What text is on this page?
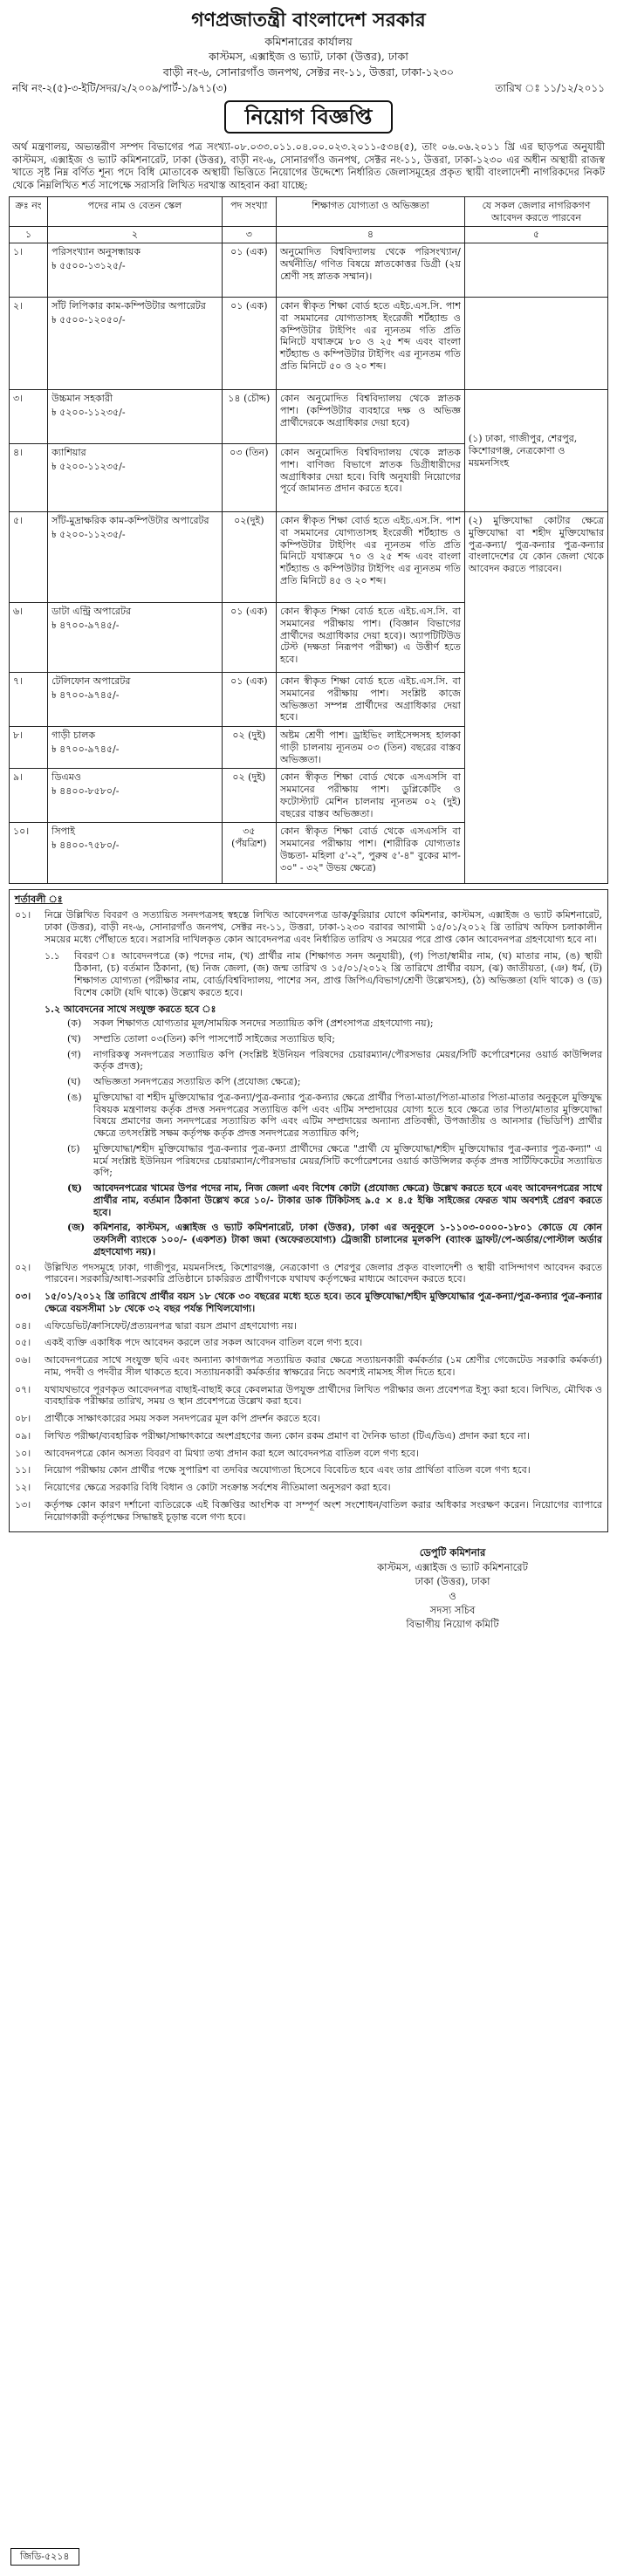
গণপ্রজাতন্ত্রী বাংলাদেশ সরকার
কমিশনারের কার্যালয়
কাস্টমস, এক্সাইজ ও ভ্যাট, ঢাকা (উত্তর), ঢাকা
বাড়ী নং-৬, সোনারগাঁও জনপথ, সেক্টর নং-১১, উত্তরা, ঢাকা-১২৩০
নথি নং-২(৫)-৩-ইটি/সদর/২/২০০৯/পার্ট-১/৯৭১(৩)	তারিখ ঃ ১১/১২/২০১১
নিয়োগ বিজ্ঞপ্তি
অর্থ মন্ত্রণালয়, অভ্যন্তরীণ সম্পদ বিভাগের পত্র সংখ্যা-০৮.০৩৩.০১১.০৪.০০.০২৩.২০১১-৫৩৪(৫), তাং ০৬.০৬.২০১১ খ্রি এর ছাড়পত্র অনুযায়ী কাস্টমস, এক্সাইজ ও ভ্যাট কমিশনারেট, ঢাকা (উত্তর), বাড়ী নং-৬, সোনারগাঁও জনপথ, সেক্টর নং-১১, উত্তরা, ঢাকা-১২৩০ এর অধীন অস্থায়ী রাজস্ব খাতে সৃষ্ট নিম্ন বর্ণিত শূন্য পদে বিধি মোতাবেক অস্থায়ী ভিত্তিতে নিয়োগের উদ্দেশ্যে নির্ধারিত জেলাসমূহের প্রকৃত স্থায়ী বাংলাদেশী নাগরিকদের নিকট থেকে নিম্নলিখিত শর্ত সাপেক্ষে সরাসরি লিখিত দরখাস্ত আহবান করা যাচ্ছে:
ক্রঃ নং	পদের নাম ও বেতন স্কেল	পদ সংখ্যা	শিক্ষাগত যোগ্যতা ও অভিজ্ঞতা	যে সকল জেলার নাগরিকগণ আবেদন করতে পারবেন
১	২	৩	৪	৫
১।	পরিসংখ্যান অনুসন্ধায়ক
৳ ৫৫০০-১৩১২৫/-	০১ (এক)	অনুমোদিত বিশ্ববিদ্যালয় থেকে পরিসংখ্যান/ অর্থনীতি/ গণিত বিষয়ে স্নাতকোত্তর ডিগ্রী (২য় শ্রেণী সহ স্নাতক সম্মান)।	
২।	সাঁট লিপিকার কাম-কম্পিউটার অপারেটর
৳ ৫৫০০-১২০৫০/-	০১ (এক)	কোন স্বীকৃত শিক্ষা বোর্ড হতে এইচ.এস.সি. পাশ বা সমমানের যোগ্যতাসহ ইংরেজী শর্টহ্যান্ড ও কম্পিউটার টাইপিং এর ন্যূনতম গতি প্রতি মিনিটে যথাক্রমে ৮০ ও ২৫ শব্দ এবং বাংলা শর্টহ্যান্ড ও কম্পিউটার টাইপিং এর ন্যূনতম গতি প্রতি মিনিটে ৫০ ও ২০ শব্দ।	
৩।	উচ্চমান সহকারী
৳ ৫২০০-১১২৩৫/-	১৪ (চৌদ্দ)	কোন অনুমোদিত বিশ্ববিদ্যালয় থেকে স্নাতক পাশ। (কম্পিউটার ব্যবহারে দক্ষ ও অভিজ্ঞ প্রার্থীদেরকে অগ্রাধিকার দেয়া হবে)	(১) ঢাকা, গাজীপুর, শেরপুর, কিশোরগঞ্জ, নেত্রকোণা ও ময়মনসিংহ
৪।	ক্যাশিয়ার
৳ ৫২০০-১১২৩৫/-	০৩ (তিন)	কোন অনুমোদিত বিশ্ববিদ্যালয় থেকে স্নাতক পাশ। বাণিজ্য বিভাগে স্নাতক ডিগ্রীধারীদের অগ্রাধিকার দেয়া হবে। বিধি অনুযায়ী নিয়োগের পূর্বে জামানত প্রদান করতে হবে।	
৫।	সাঁট-মুদ্রাক্ষরিক কাম-কম্পিউটার অপারেটর
৳ ৫২০০-১১২৩৫/-	০২(দুই)	কোন স্বীকৃত শিক্ষা বোর্ড হতে এইচ.এস.সি. পাশ বা সমমানের যোগ্যতাসহ ইংরেজী শর্টহ্যান্ড ও কম্পিউটার টাইপিং এর ন্যূনতম গতি প্রতি মিনিটে যথাক্রমে ৭০ ও ২৫ শব্দ এবং বাংলা শর্টহ্যান্ড ও কম্পিউটার টাইপিং এর ন্যূনতম গতি প্রতি মিনিটে ৪৫ ও ২০ শব্দ।	(২) মুক্তিযোদ্ধা কোটার ক্ষেত্রে মুক্তিযোদ্ধা বা শহীদ মুক্তিযোদ্ধার পুত্র-কন্যা/ পুত্র-কন্যার পুত্র-কন্যার বাংলাদেশের যে কোন জেলা থেকে আবেদন করতে পারবেন।
৬।	ডাটা এন্ট্রি অপারেটর
৳ ৪৭০০-৯৭৪৫/-	০১ (এক)	কোন স্বীকৃত শিক্ষা বোর্ড হতে এইচ.এস.সি. বা সমমানের পরীক্ষায় পাশ। (বিজ্ঞান বিভাগের প্রার্থীদের অগ্রাধিকার দেয়া হবে)। অ্যাপটিটিউড টেস্ট (দক্ষতা নিরূপণ পরীক্ষা) এ উত্তীর্ণ হতে হবে।	
৭।	টেলিফোন অপারেটর
৳ ৪৭০০-৯৭৪৫/-	০১ (এক)	কোন স্বীকৃত শিক্ষা বোর্ড হতে এইচ.এস.সি. বা সমমানের পরীক্ষায় পাশ। সংশ্লিষ্ট কাজে অভিজ্ঞতা সম্পন্ন প্রার্থীদের অগ্রাধিকার দেয়া হবে।	
৮।	গাড়ী চালক
৳ ৪৭০০-৯৭৪৫/-	০২ (দুই)	অষ্টম শ্রেণী পাশ। ড্রাইভিং লাইসেন্সসহ হালকা গাড়ী চালনায় ন্যূনতম ০৩ (তিন) বছরের বাস্তব অভিজ্ঞতা।	
৯।	ডিএমও
৳ ৪৪০০-৮৫৮০/-	০২ (দুই)	কোন স্বীকৃত শিক্ষা বোর্ড থেকে এসএসসি বা সমমানের পরীক্ষায় পাশ। ডুপ্লিকেটিং ও ফটোস্ট্যাট মেশিন চালনায় ন্যূনতম ০২ (দুই) বছরের বাস্তব অভিজ্ঞতা।	
১০।	সিপাই
৳ ৪৪০০-৭৫৮০/-	৩৫ (পঁয়ত্রিশ)	কোন স্বীকৃত শিক্ষা বোর্ড থেকে এসএসসি বা সমমানের পরীক্ষায় পাশ। (শারীরিক যোগ্যতাঃ উচ্চতা- মহিলা ৫'-২", পুরুষ ৫'-৪" বুকের মাপ- ৩০" - ৩২" উভয় ক্ষেত্রে)	
শর্তাবলী ঃ
০১।	নিম্নে উল্লিখিত বিবরণ ও সত্যায়িত সনদপত্রসহ স্বহস্তে লিখিত আবেদনপত্র ডাক/কুরিয়ার যোগে কমিশনার, কাস্টমস, এক্সাইজ ও ভ্যাট কমিশনারেট, ঢাকা (উত্তর), বাড়ী নং-৬, সোনারগাঁও জনপথ, সেক্টর নং-১১, উত্তরা, ঢাকা-১২৩০ বরাবর আগামী ১৫/০১/২০১২ খ্রি তারিখ অফিস চলাকালীন সময়ের মধ্যে পৌঁছাতে হবে। সরাসরি দাখিলকৃত কোন আবেদনপত্র এবং নির্ধারিত তারিখ ও সময়ের পরে প্রাপ্ত কোন আবেদনপত্র গ্রহণযোগ্য হবে না।
১.১	বিবরণ ঃ আবেদনপত্রে (ক) পদের নাম, (খ) প্রার্থীর নাম (শিক্ষাগত সনদ অনুযায়ী), (গ) পিতা/স্বামীর নাম, (ঘ) মাতার নাম, (ঙ) স্থায়ী ঠিকানা, (চ) বর্তমান ঠিকানা, (ছ) নিজ জেলা, (জ) জন্ম তারিখ ও ১৫/০১/২০১২ খ্রি তারিখে প্রার্থীর বয়স, (ঝ) জাতীয়তা, (ঞ) ধর্ম, (ট) শিক্ষাগত যোগ্যতা (পরীক্ষার নাম, বোর্ড/বিশ্ববিদ্যালয়, পাশের সন, প্রাপ্ত জিপিএ/বিভাগ/শ্রেণী উল্লেখসহ), (ঠ) অভিজ্ঞতা (যদি থাকে) ও (ড) বিশেষ কোটা (যদি থাকে) উল্লেখ করতে হবে।
১.২ আবেদনের সাথে সংযুক্ত করতে হবে ঃ
(ক)	সকল শিক্ষাগত যোগ্যতার মূল/সাময়িক সনদের সত্যায়িত কপি (প্রশংসাপত্র গ্রহণযোগ্য নয়);
(খ)	সম্প্রতি তোলা ০৩(তিন) কপি পাসপোর্ট সাইজের সত্যায়িত ছবি;
(গ)	নাগরিকত্ব সনদপত্রের সত্যায়িত কপি (সংশ্লিষ্ট ইউনিয়ন পরিষদের চেয়ারম্যান/পৌরসভার মেয়র/সিটি কর্পোরেশনের ওয়ার্ড কাউন্সিলর কর্তৃক প্রদত্ত);
(ঘ)	অভিজ্ঞতা সনদপত্রের সত্যায়িত কপি (প্রযোজ্য ক্ষেত্রে);
(ঙ)	মুক্তিযোদ্ধা বা শহীদ মুক্তিযোদ্ধার পুত্র-কন্যা/পুত্র-কন্যার পুত্র-কন্যার ক্ষেত্রে প্রার্থীর পিতা-মাতা/পিতা-মাতার পিতা-মাতার অনুকূলে মুক্তিযুদ্ধ বিষয়ক মন্ত্রণালয় কর্তৃক প্রদত্ত সনদপত্রের সত্যায়িত কপি এবং এটিম সম্প্রদায়ের যোগ্য হতে হবে ক্ষেত্রে তার পিতা/মাতার মুক্তিযোদ্ধা বিষয়ে প্রমাণের জন্য সনদপত্রের সত্যায়িত কপি এবং এটিম সম্প্রদায়ের অন্যান্য প্রতিবন্ধী, উপজাতীয় ও আনসার (ভিডিপি) প্রার্থীর ক্ষেত্রে তৎসংশ্লিষ্ট সক্ষম কর্তৃপক্ষ কর্তৃক প্রদত্ত সনদপত্রের সত্যায়িত কপি;
(চ)	মুক্তিযোদ্ধা/শহীদ মুক্তিযোদ্ধার পুত্র-কন্যার পুত্র-কন্যা প্রার্থীদের ক্ষেত্রে "প্রার্থী যে মুক্তিযোদ্ধা/শহীদ মুক্তিযোদ্ধার পুত্র-কন্যার পুত্র-কন্যা" এ মর্মে সংশ্লিষ্ট ইউনিয়ন পরিষদের চেয়ারম্যান/পৌরসভার মেয়র/সিটি কর্পোরেশনের ওয়ার্ড কাউন্সিলর কর্তৃক প্রদত্ত সার্টিফিকেটের সত্যায়িত কপি;
(ছ)	আবেদনপত্রের খামের উপর পদের নাম, নিজ জেলা এবং বিশেষ কোটা (প্রযোজ্য ক্ষেত্রে) উল্লেখ করতে হবে এবং আবেদনপত্রের সাথে প্রার্থীর নাম, বর্তমান ঠিকানা উল্লেখ করে ১০/- টাকার ডাক টিকিটসহ ৯.৫ × ৪.৫ ইঞ্চি সাইজের ফেরত খাম অবশ্যই প্রেরণ করতে হবে।
(জ) কমিশনার, কাস্টমস, এক্সাইজ ও ভ্যাট কমিশনারেট, ঢাকা (উত্তর), ঢাকা এর অনুকূলে ১-১১০৩-০০০০-১৮০১ কোডে যে কোন তফসিলী ব্যাংকে ১০০/- (একশত) টাকা জমা (অফেরতযোগ্য) ট্রেজারী চালানের মূলকপি (ব্যাংক ড্রাফট/পে-অর্ডার/পোস্টাল অর্ডার গ্রহণযোগ্য নয়)।
০২।	উল্লিখিত পদসমূহে ঢাকা, গাজীপুর, ময়মনসিংহ, কিশোরগঞ্জ, নেত্রকোণা ও শেরপুর জেলার প্রকৃত বাংলাদেশী ও স্থায়ী বাসিন্দাগণ আবেদন করতে পারবেন। সরকারি/আধা-সরকারি প্রতিষ্ঠানে চাকরিরত প্রার্থীগণকে যথাযথ কর্তৃপক্ষের মাধ্যমে আবেদন করতে হবে।
০৩।	১৫/০১/২০১২ খ্রি তারিখে প্রার্থীর বয়স ১৮ থেকে ৩০ বছরের মধ্যে হতে হবে। তবে মুক্তিযোদ্ধা/শহীদ মুক্তিযোদ্ধার পুত্র-কন্যা/পুত্র-কন্যার পুত্র-কন্যার ক্ষেত্রে বয়সসীমা ১৮ থেকে ৩২ বছর পর্যন্ত শিথিলযোগ্য।
০৪।	এফিডেভিট/ক্রাসিফেট/প্রত্যয়নপত্র দ্বারা বয়স প্রমাণ গ্রহণযোগ্য নয়।
০৫।	একই ব্যক্তি একাধিক পদে আবেদন করলে তার সকল আবেদন বাতিল বলে গণ্য হবে।
০৬।	আবেদনপত্রের সাথে সংযুক্ত ছবি এবং অন্যান্য কাগজপত্র সত্যায়িত করার ক্ষেত্রে সত্যায়নকারী কর্মকর্তার (১ম শ্রেণীর গেজেটেড সরকারি কর্মকর্তা) নাম, পদবী ও পদবীর সীল থাকতে হবে। সত্যায়নকারী কর্মকর্তার স্বাক্ষরের নিচে অবশ্যই নামসহ সীল দিতে হবে।
০৭।	যথাযথভাবে পূরণকৃত আবেদনপত্র বাছাই-বাছাই করে কেবলমাত্র উপযুক্ত প্রার্থীদের লিখিত পরীক্ষার জন্য প্রবেশপত্র ইস্যু করা হবে। লিখিত, মৌখিক ও ব্যবহারিক পরীক্ষার তারিখ, সময় ও স্থান প্রবেশপত্রে উল্লেখ করা হবে।
০৮।	প্রার্থীকে সাক্ষাৎকারের সময় সকল সনদপত্রের মূল কপি প্রদর্শন করতে হবে।
০৯।	লিখিত পরীক্ষা/ব্যবহারিক পরীক্ষা/সাক্ষাৎকারে অংশগ্রহণের জন্য কোন রকম প্রমাণ বা দৈনিক ভাতা (টিএ/ডিএ) প্রদান করা হবে না।
১০।	আবেদনপত্রে কোন অসত্য বিবরণ বা মিথ্যা তথ্য প্রদান করা হলে আবেদনপত্র বাতিল বলে গণ্য হবে।
১১।	নিয়োগ পরীক্ষায় কোন প্রার্থীর পক্ষে সুপারিশ বা তদবির অযোগ্যতা হিসেবে বিবেচিত হবে এবং তার প্রার্থিতা বাতিল বলে গণ্য হবে।
১২।	নিয়োগের ক্ষেত্রে সরকারি বিধি বিধান ও কোটা সংক্রান্ত সর্বশেষ নীতিমালা অনুসরণ করা হবে।
১৩।	কর্তৃপক্ষ কোন কারণ দর্শানো ব্যতিরেকে এই বিজ্ঞপ্তির আংশিক বা সম্পূর্ণ অংশ সংশোধন/বাতিল করার অধিকার সংরক্ষণ করেন। নিয়োগের ব্যাপারে নিয়োগকারী কর্তৃপক্ষের সিদ্ধান্তই চূড়ান্ত বলে গণ্য হবে।
ডেপুটি কমিশনার
কাস্টমস, এক্সাইজ ও ভ্যাট কমিশনারেট
ঢাকা (উত্তর), ঢাকা
ও
সদস্য সচিব
বিভাগীয় নিয়োগ কমিটি
জিডি-৫২১৪
